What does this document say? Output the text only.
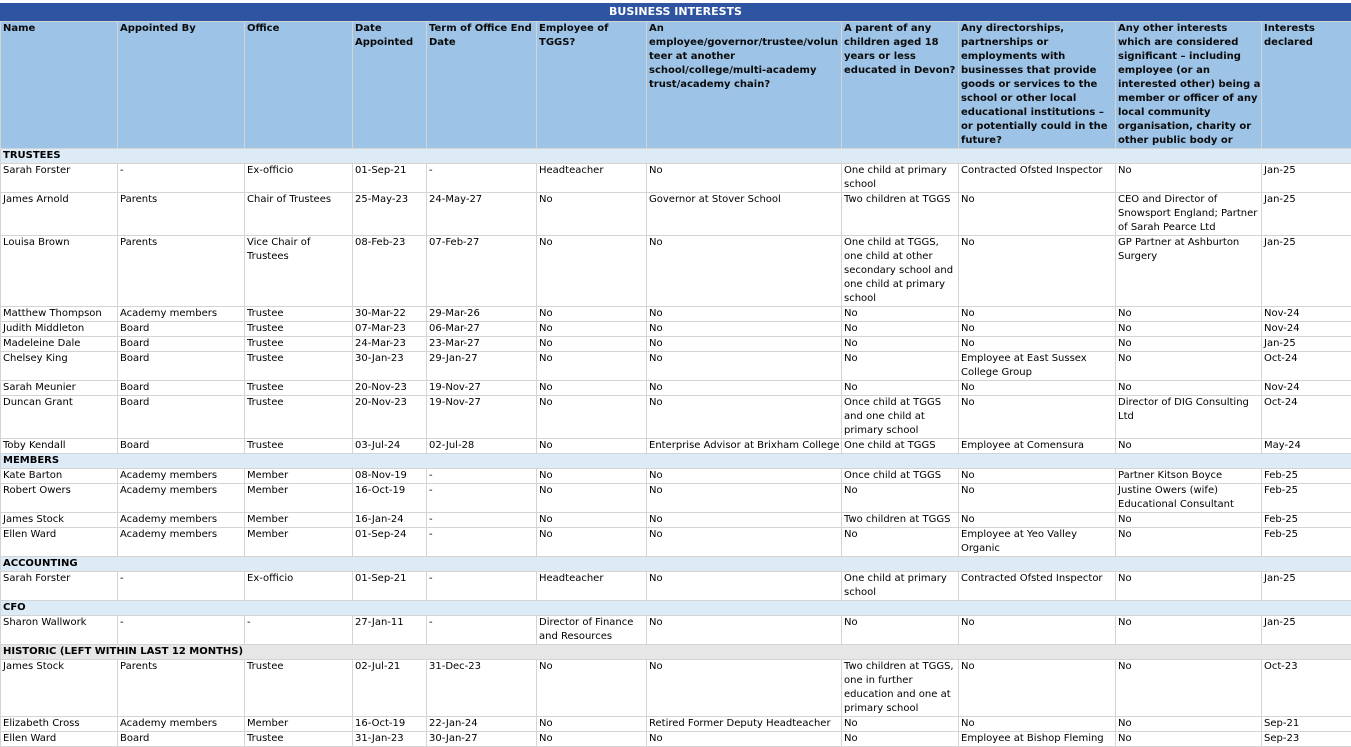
BUSINESS INTERESTS
Name	Appointed By	Office	Date Appointed	Term of Office End Date	Employee of TGGS?	An employee/governor/trustee/volunteer at another school/college/multi-academy trust/academy chain?	A parent of any children aged 18 years or less educated in Devon?	Any directorships, partnerships or employments with businesses that provide goods or services to the school or other local educational institutions – or potentially could in the future?	Any other interests which are considered significant – including employee (or an interested other) being a member or officer of any local community organisation, charity or other public body or	Interests declared
TRUSTEES										
Sarah Forster	-	Ex-officio	01-Sep-21	-	Headteacher	No	One child at primary school	Contracted Ofsted Inspector	No	Jan-25
James Arnold	Parents	Chair of Trustees	25-May-23	24-May-27	No	Governor at Stover School	Two children at TGGS	No	CEO and Director of Snowsport England; Partner of Sarah Pearce Ltd	Jan-25
Louisa Brown	Parents	Vice Chair of Trustees	08-Feb-23	07-Feb-27	No	No	One child at TGGS, one child at other secondary school and one child at primary school	No	GP Partner at Ashburton Surgery	Jan-25
Matthew Thompson	Academy members	Trustee	30-Mar-22	29-Mar-26	No	No	No	No	No	Nov-24
Judith Middleton	Board	Trustee	07-Mar-23	06-Mar-27	No	No	No	No	No	Nov-24
Madeleine Dale	Board	Trustee	24-Mar-23	23-Mar-27	No	No	No	No	No	Jan-25
Chelsey King	Board	Trustee	30-Jan-23	29-Jan-27	No	No	No	Employee at East Sussex College Group	No	Oct-24
Sarah Meunier	Board	Trustee	20-Nov-23	19-Nov-27	No	No	No	No	No	Nov-24
Duncan Grant	Board	Trustee	20-Nov-23	19-Nov-27	No	No	Once child at TGGS and one child at primary school	No	Director of DIG Consulting Ltd	Oct-24
Toby Kendall	Board	Trustee	03-Jul-24	02-Jul-28	No	Enterprise Advisor at Brixham College	One child at TGGS	Employee at Comensura	No	May-24
MEMBERS										
Kate Barton	Academy members	Member	08-Nov-19	-	No	No	Once child at TGGS	No	Partner Kitson Boyce	Feb-25
Robert Owers	Academy members	Member	16-Oct-19	-	No	No	No	No	Justine Owers (wife) Educational Consultant	Feb-25
James Stock	Academy members	Member	16-Jan-24	-	No	No	Two children at TGGS	No	No	Feb-25
Ellen Ward	Academy members	Member	01-Sep-24	-	No	No	No	Employee at Yeo Valley Organic	No	Feb-25
ACCOUNTING										
Sarah Forster	-	Ex-officio	01-Sep-21	-	Headteacher	No	One child at primary school	Contracted Ofsted Inspector	No	Jan-25
CFO										
Sharon Wallwork	-	-	27-Jan-11	-	Director of Finance and Resources	No	No	No	No	Jan-25
HISTORIC (LEFT WITHIN LAST 12 MONTHS)										
James Stock	Parents	Trustee	02-Jul-21	31-Dec-23	No	No	Two children at TGGS, one in further education and one at primary school	No	No	Oct-23
Elizabeth Cross	Academy members	Member	16-Oct-19	22-Jan-24	No	Retired Former Deputy Headteacher	No	No	No	Sep-21
Ellen Ward	Board	Trustee	31-Jan-23	30-Jan-27	No	No	No	Employee at Bishop Fleming	No	Sep-23
